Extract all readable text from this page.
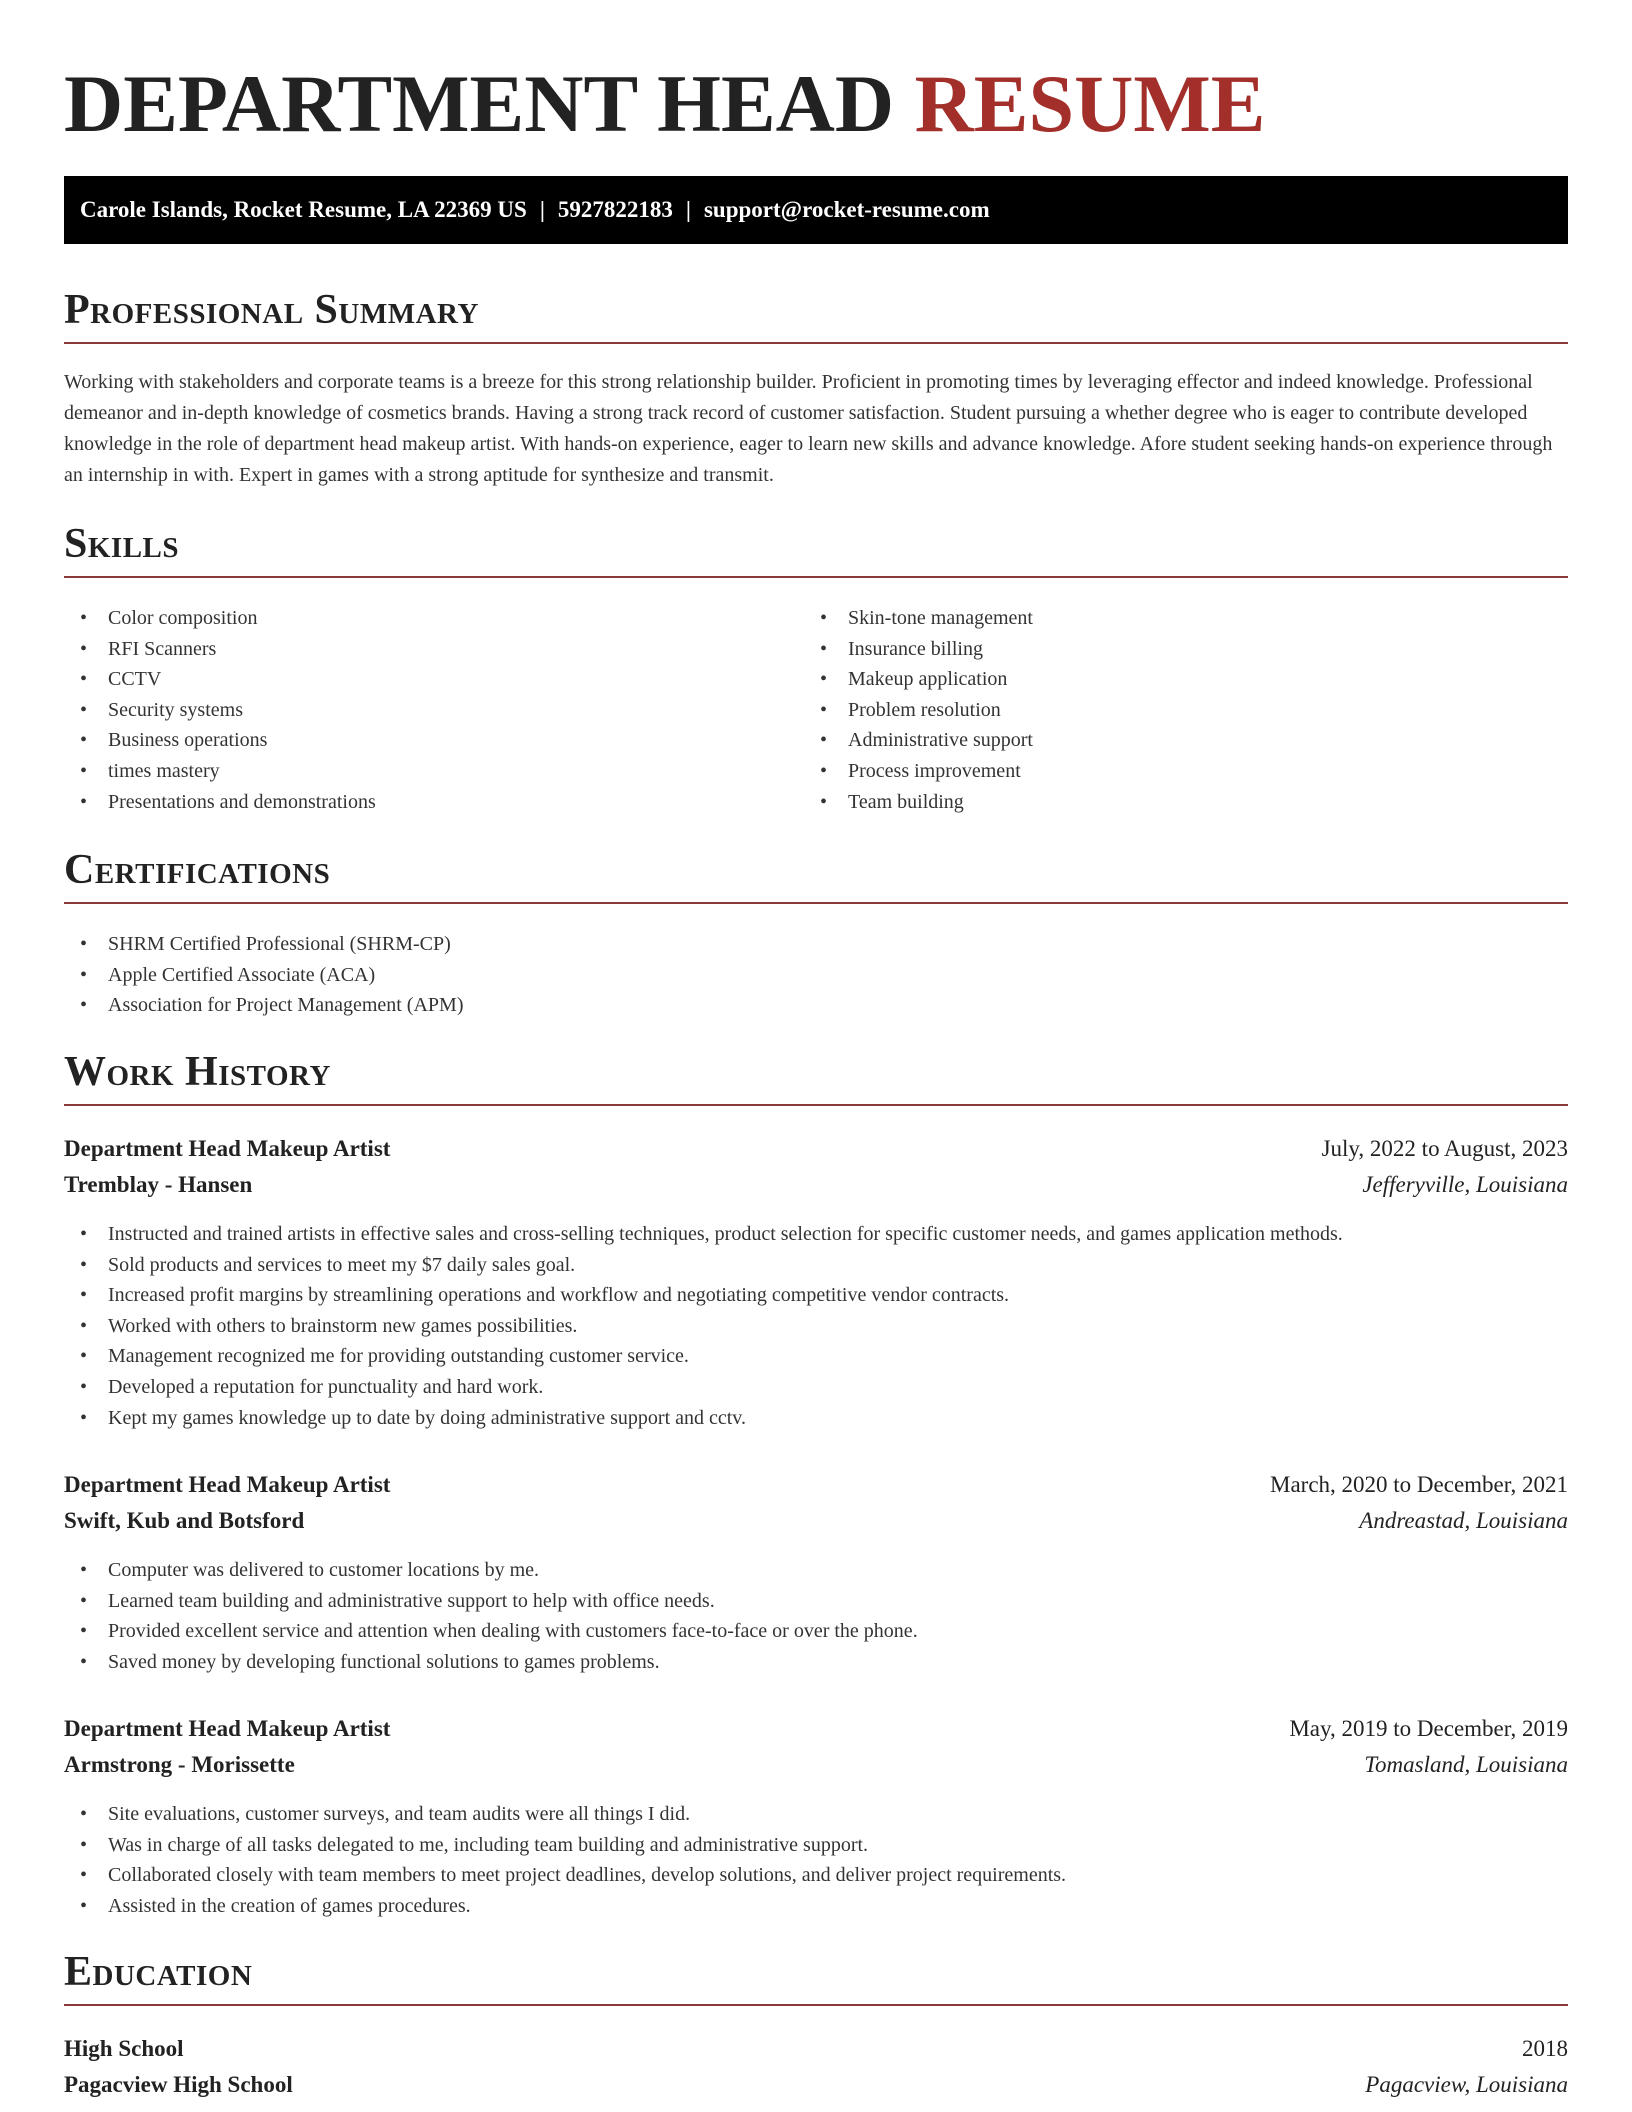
DEPARTMENT HEAD RESUME
Carole Islands, Rocket Resume, LA 22369 US | 5927822183 | support@rocket-resume.com
Professional Summary

Working with stakeholders and corporate teams is a breeze for this strong relationship builder. Proficient in promoting times by leveraging effector and indeed knowledge. Professional demeanor and in-depth knowledge of cosmetics brands. Having a strong track record of customer satisfaction. Student pursuing a whether degree who is eager to contribute developed knowledge in the role of department head makeup artist. With hands-on experience, eager to learn new skills and advance knowledge. Afore student seeking hands-on experience through an internship in with. Expert in games with a strong aptitude for synthesize and transmit.

Skills
• Color composition
• RFI Scanners
• CCTV
• Security systems
• Business operations
• times mastery
• Presentations and demonstrations
• Skin-tone management
• Insurance billing
• Makeup application
• Problem resolution
• Administrative support
• Process improvement
• Team building
Certifications
• SHRM Certified Professional (SHRM-CP)
• Apple Certified Associate (ACA)
• Association for Project Management (APM)
Work History
Department Head Makeup Artist	July, 2022 to August, 2023
Tremblay - Hansen	Jefferyville, Louisiana
• Instructed and trained artists in effective sales and cross-selling techniques, product selection for specific customer needs, and games application methods.
• Sold products and services to meet my $7 daily sales goal.
• Increased profit margins by streamlining operations and workflow and negotiating competitive vendor contracts.
• Worked with others to brainstorm new games possibilities.
• Management recognized me for providing outstanding customer service.
• Developed a reputation for punctuality and hard work.
• Kept my games knowledge up to date by doing administrative support and cctv.
Department Head Makeup Artist	March, 2020 to December, 2021
Swift, Kub and Botsford	Andreastad, Louisiana
• Computer was delivered to customer locations by me.
• Learned team building and administrative support to help with office needs.
• Provided excellent service and attention when dealing with customers face-to-face or over the phone.
• Saved money by developing functional solutions to games problems.
Department Head Makeup Artist	May, 2019 to December, 2019
Armstrong - Morissette	Tomasland, Louisiana
• Site evaluations, customer surveys, and team audits were all things I did.
• Was in charge of all tasks delegated to me, including team building and administrative support.
• Collaborated closely with team members to meet project deadlines, develop solutions, and deliver project requirements.
• Assisted in the creation of games procedures.
Education
High School	2018
Pagacview High School	Pagacview, Louisiana
